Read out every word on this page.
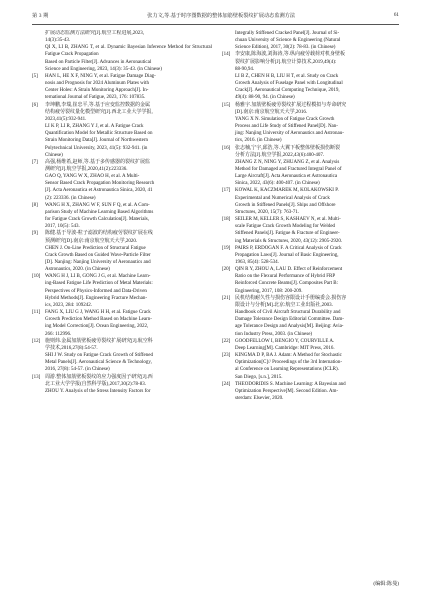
第 3 期	张力文,等.基于时序图数据的整体加筋壁板裂纹扩展动态监测方法	61
扩展动态监测方法研究[J].航空工程进展,2023,
14(3):35-43.
QI X, LI B, ZHANG T, et al. Dynamic Bayesian Inference Method for Structural Fatigue Crack Propagation
Based on Particle Filter[J]. Advances in Aeronautical
Science and Engineering, 2023, 14(3): 35-43. (in Chinese)
[5]	HAN L, HE X F, NING Y, et al. Fatigue Damage Diag-
nosis and Prognosis for 2024 Aluminum Plates with
Center Holes: A Strain Monitoring Approach[J]. In-
ternational Journal of Fatigue, 2023, 176: 107835.
[6]	李坤鹏,李瑞,崔忠平,等.基于应变监控数据的金属
结构疲劳裂纹量化模型研究[J].西北工业大学学报,
2023,41(5):932-941.
LI K P, LI R, ZHANG Y J, et al. A Fatigue Crack
Quantification Model for Metallic Structure Based on
Strain Monitoring Data[J]. Journal of Northwestern
Polytechnical University, 2023, 41(5): 932-941. (in
Chinese)
[7]	高强,杨维希,赵师,等.基于多传感器的裂纹扩展监
测研究[J].航空学报,2020,41(2):223336.
GAO Q, YANG W X, ZHAO H, et al. A Multi-
Sensor Based Crack Propagation Monitoring Research
[J]. Acta Aeronautica et Astronautica Sinica, 2020, 41
(2): 223336. (in Chinese)
[8]	WANG H X, ZHANG W F, SUN F Q, et al. A Com-
parison Study of Machine Learning Based Algorithms
for Fatigue Crack Growth Calculation[J]. Materials,
2017, 10(5): 543.
[9]	陈健.基于导波-粒子滤波的结构疲劳裂纹扩展在线
预测研究[D].南京:南京航空航天大学,2020.
CHEN J. On-Line Prediction of Structural Fatigue
Crack Growth Based on Guided Wave-Particle Filter
[D]. Nanjing: Nanjing University of Aeronautics and
Astronautics, 2020. (in Chinese)
[10] WANG H J, LI B, GONG J G, et al. Machine Learn-
ing-Based Fatigue Life Prediction of Metal Materials:
Perspectives of Physics-Informed and Data-Driven
Hybrid Methods[J]. Engineering Fracture Mechan-
ics, 2023, 284: 109242.
[11] FANG X, LIU G J, WANG H H, et al. Fatigue Crack
Growth Prediction Method Based on Machine Learn-
ing Model Correction[J]. Ocean Engineering, 2022,
266: 112996.
[12] 施则炜.金属加筋壁板疲劳裂纹扩展研究[J].航空科
学技术,2016,27(8):54-57.
SHI J W. Study on Fatigue Crack Growth of Stiffened
Metal Panels[J]. Aeronautical Science & Technology,
2016, 27(8): 54-57. (in Chinese)
[13] 周游.整体加筋壁板裂纹的应力强度因子研究[J].西
北工业大学学报(自然科学版),2017,30(2):78-83.
ZHOU Y. Analysis of the Stress Intensity Factors for
Integrally Stiffened Cracked Panel[J]. Journal of Si-
chuan University of Science & Engineering (Natural
Science Edition), 2017, 30(2): 78-83. (in Chinese)
[14] 李安康,陈海波,刘海涛,等.纵向疲劳载荷对机身壁板
裂纹扩展影响分析[J].航空计算技术,2019,49(4):
88-90,94.
LI B Z, CHEN H B, LIU H T, et al. Study on Crack
Growth Analysis of Fuselage Panel with Longitudinal
Crack[J]. Aeronautical Computing Technique, 2019,
49(4): 88-90, 94. (in Chinese)
[15] 杨雅宇.加筋壁板疲劳裂纹扩展过程模拟与寿命研究
[D].南京:南京航空航天大学,2016.
YANG X N. Simulation of Fatigue Crack Growth
Process and Life Study of Stiffened Panel[D]. Nan-
jing: Nanjing University of Aeronautics and Astronau-
tics, 2016. (in Chinese)
[16] 张志楠,宁宇,邱浩,等.大翼下板整体壁板损伤断裂
分析方法[J].航空学报,2022,43(6):400-407.
ZHANG Z N, NING Y, ZHUANG Z, et al. Analysis
Method for Damaged and Fractured Integral Panel of
Large Aircraft[J]. Acta Aeronautica et Astronautica
Sinica, 2022, 43(6): 400-407. (in Chinese)
[17] KOWAL K, KACZMAREK M, KOLAKOWSKI P.
Experimental and Numerical Analysis of Crack
Growth in Stiffened Panels[J]. Ships and Offshore
Structures, 2020, 15(7): 763-71.
[18] SEILER M, KELLER S, KASHAEV N, et al. Multi-
scale Fatigue Crack Growth Modeling for Welded
Stiffened Panels[J]. Fatigue & Fracture of Engineer-
ing Materials & Structures, 2020, 43(12): 2905-2920.
[19] PAIRS P, ERDOGAN F. A Critical Analysis of Crack
Propagation Laws[J]. Journal of Basic Engineering,
1963, 85(4): 528-534.
[20] QIN R Y, ZHOU A, LAU D. Effect of Reinforcement
Ratio on the Flexural Performance of Hybrid FRP
Reinforced Concrete Beams[J]. Composites Part B:
Engineering, 2017, 108: 200-209.
[21] 民机结构耐久性与损伤容限设计手册编委会.损伤容
限设计与分析[M].北京:航空工业出版社,2003.
Handbook of Civil Aircraft Structural Durability and
Damage Tolerance Design Editorial Committee. Dam-
age Tolerance Design and Analysis[M]. Beijing: Avia-
tion Industry Press, 2003. (in Chinese)
[22] GOODFELLOW I, BENGIO Y, COURVILLE A.
Deep Learning[M]. Cambridge: MIT Press, 2016.
[23] KINGMA D P, BA J. Adam: A Method for Stochastic
Optimization[C]// Proceedings of the 3rd Internation-
al Conference on Learning Representations (ICLR).
San Diego, [s.n.], 2015.
[24] THEODORIDIS S. Machine Learning: A Bayesian and
Optimization Perspective[M]. Second Edition. Am-
sterdam: Elsevier, 2020.
(编辑:陈曼)
